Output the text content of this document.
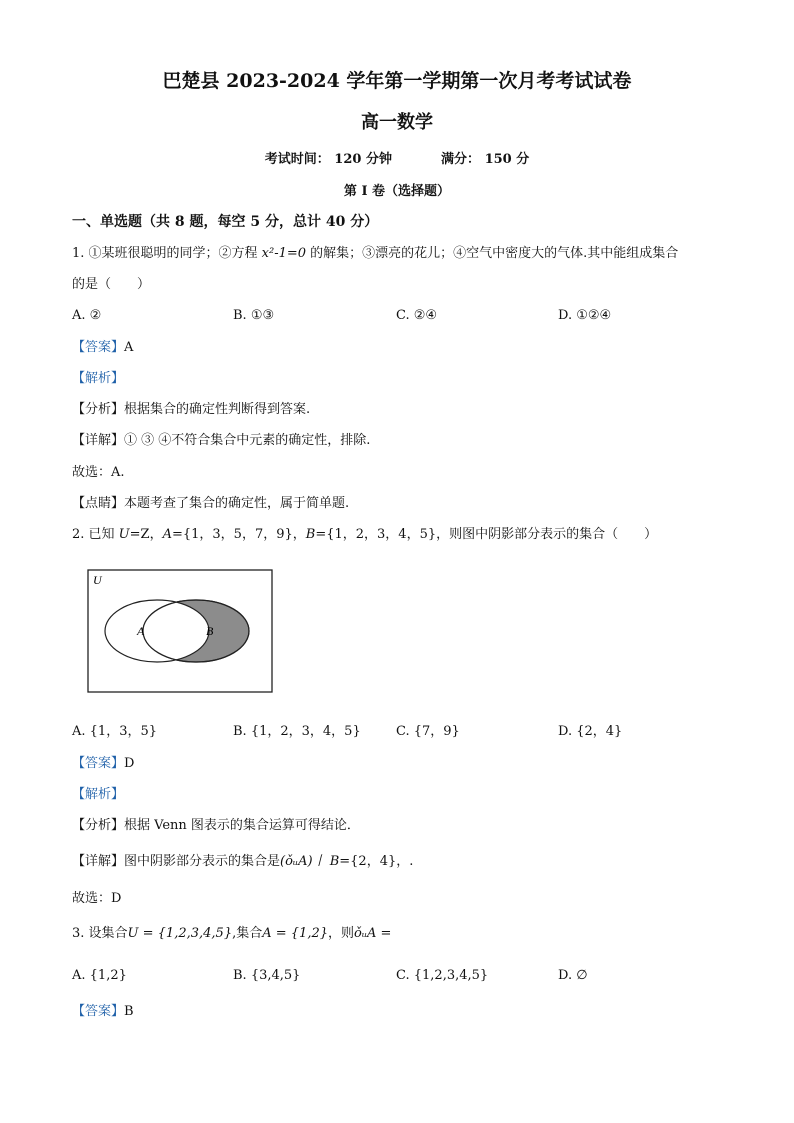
巴楚县 2023-2024 学年第一学期第一次月考考试试卷
高一数学
考试时间： 120 分钟	满分： 150 分
第 I 卷（选择题）
一、单选题（共 8 题，每空 5 分，总计 40 分）
1. ①某班很聪明的同学；②方程 x²-1=0 的解集；③漂亮的花儿；④空气中密度大的气体.其中能组成集合
的是（　　）
A. ②	B. ①③	C. ②④	D. ①②④
【答案】A
【解析】
【分析】根据集合的确定性判断得到答案.
【详解】① ③ ④不符合集合中元素的确定性，排除.
故选：A.
【点睛】本题考查了集合的确定性，属于简单题.
2. 已知 U=Z，A={1，3，5，7，9}，B={1，2，3，4，5}，则图中阴影部分表示的集合（　　）
U
A	B
A. {1，3，5}	B. {1，2，3，4，5}	C. {7，9}	D. {2，4}
【答案】D
【解析】
【分析】根据 Venn 图表示的集合运算可得结论．
【详解】图中阴影部分表示的集合是(ǒᵤA)丨 B={2，4}，.
故选：D
3. 设集合U = {1,2,3,4,5},集合A = {1,2}，则ǒᵤA =
A. {1,2}	B. {3,4,5}	C. {1,2,3,4,5}	D. ∅
【答案】B
